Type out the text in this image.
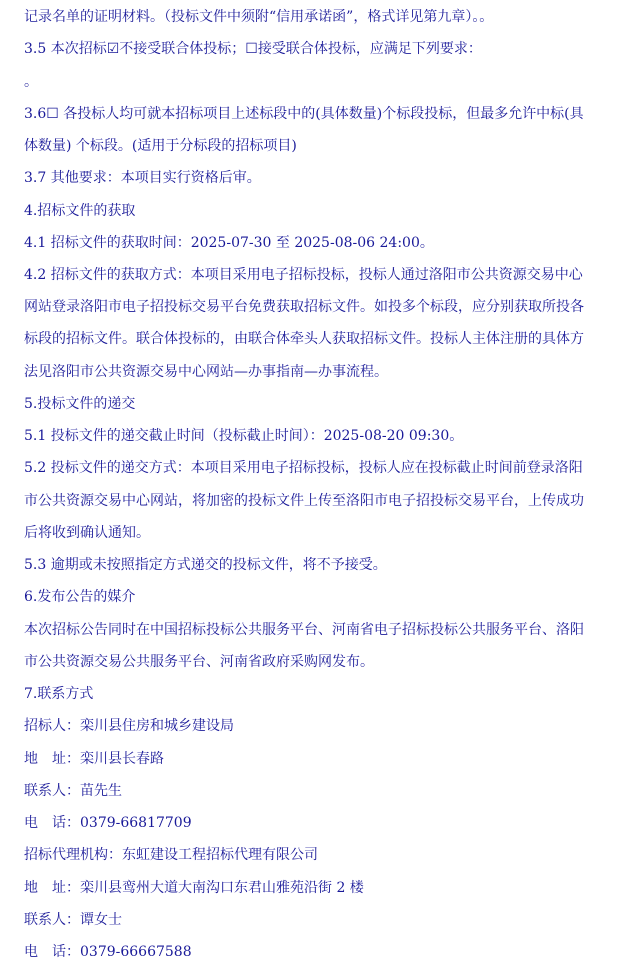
记录名单的证明材料。（投标文件中须附“信用承诺函”，格式详见第九章）。。
3.5 本次招标☑不接受联合体投标；☐接受联合体投标，应满足下列要求：
。
3.6☐ 各投标人均可就本招标项目上述标段中的(具体数量)个标段投标，但最多允许中标(具
体数量) 个标段。(适用于分标段的招标项目)
3.7 其他要求：本项目实行资格后审。
4.招标文件的获取
4.1 招标文件的获取时间：2025-07-30 至 2025-08-06 24:00。
4.2 招标文件的获取方式：本项目采用电子招标投标，投标人通过洛阳市公共资源交易中心
网站登录洛阳市电子招投标交易平台免费获取招标文件。如投多个标段，应分别获取所投各
标段的招标文件。联合体投标的，由联合体牵头人获取招标文件。投标人主体注册的具体方
法见洛阳市公共资源交易中心网站—办事指南—办事流程。
5.投标文件的递交
5.1 投标文件的递交截止时间（投标截止时间）：2025-08-20 09:30。
5.2 投标文件的递交方式：本项目采用电子招标投标，投标人应在投标截止时间前登录洛阳
市公共资源交易中心网站，将加密的投标文件上传至洛阳市电子招投标交易平台，上传成功
后将收到确认通知。
5.3 逾期或未按照指定方式递交的投标文件，将不予接受。
6.发布公告的媒介
本次招标公告同时在中国招标投标公共服务平台、河南省电子招标投标公共服务平台、洛阳
市公共资源交易公共服务平台、河南省政府采购网发布。
7.联系方式
招标人：栾川县住房和城乡建设局
地　址：栾川县长春路
联系人：苗先生
电　话：0379-66817709
招标代理机构：东虹建设工程招标代理有限公司
地　址：栾川县鸾州大道大南沟口东君山雅苑沿街 2 楼
联系人：谭女士
电　话：0379-66667588
